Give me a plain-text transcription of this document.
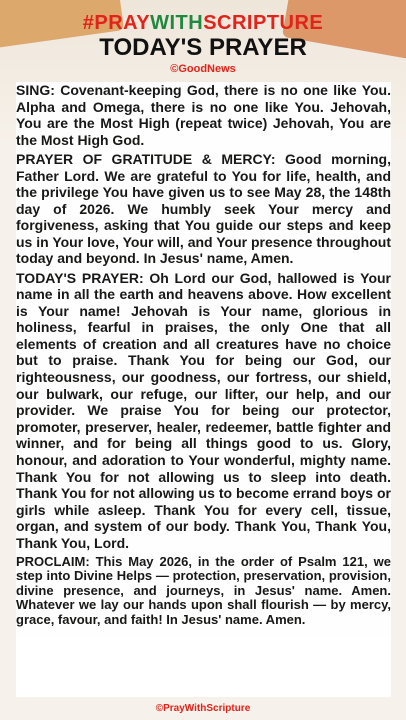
#PRAYWITHSCRIPTURE
TODAY'S PRAYER
©GoodNews

SING: Covenant-keeping God, there is no one like You. Alpha and Omega, there is no one like You. Jehovah, You are the Most High (repeat twice) Jehovah, You are the Most High God.

PRAYER OF GRATITUDE & MERCY: Good morning, Father Lord. We are grateful to You for life, health, and the privilege You have given us to see May 28, the 148th day of 2026. We humbly seek Your mercy and forgiveness, asking that You guide our steps and keep us in Your love, Your will, and Your presence throughout today and beyond. In Jesus' name, Amen.

TODAY'S PRAYER: Oh Lord our God, hallowed is Your name in all the earth and heavens above. How excellent is Your name! Jehovah is Your name, glorious in holiness, fearful in praises, the only One that all elements of creation and all creatures have no choice but to praise. Thank You for being our God, our righteousness, our goodness, our fortress, our shield, our bulwark, our refuge, our lifter, our help, and our provider. We praise You for being our protector, promoter, preserver, healer, redeemer, battle fighter and winner, and for being all things good to us. Glory, honour, and adoration to Your wonderful, mighty name. Thank You for not allowing us to sleep into death. Thank You for not allowing us to become errand boys or girls while asleep. Thank You for every cell, tissue, organ, and system of our body. Thank You, Thank You, Thank You, Lord.

PROCLAIM: This May 2026, in the order of Psalm 121, we step into Divine Helps — protection, preservation, provision, divine presence, and journeys, in Jesus' name. Amen. Whatever we lay our hands upon shall flourish — by mercy, grace, favour, and faith! In Jesus' name. Amen.

©PrayWithScripture
